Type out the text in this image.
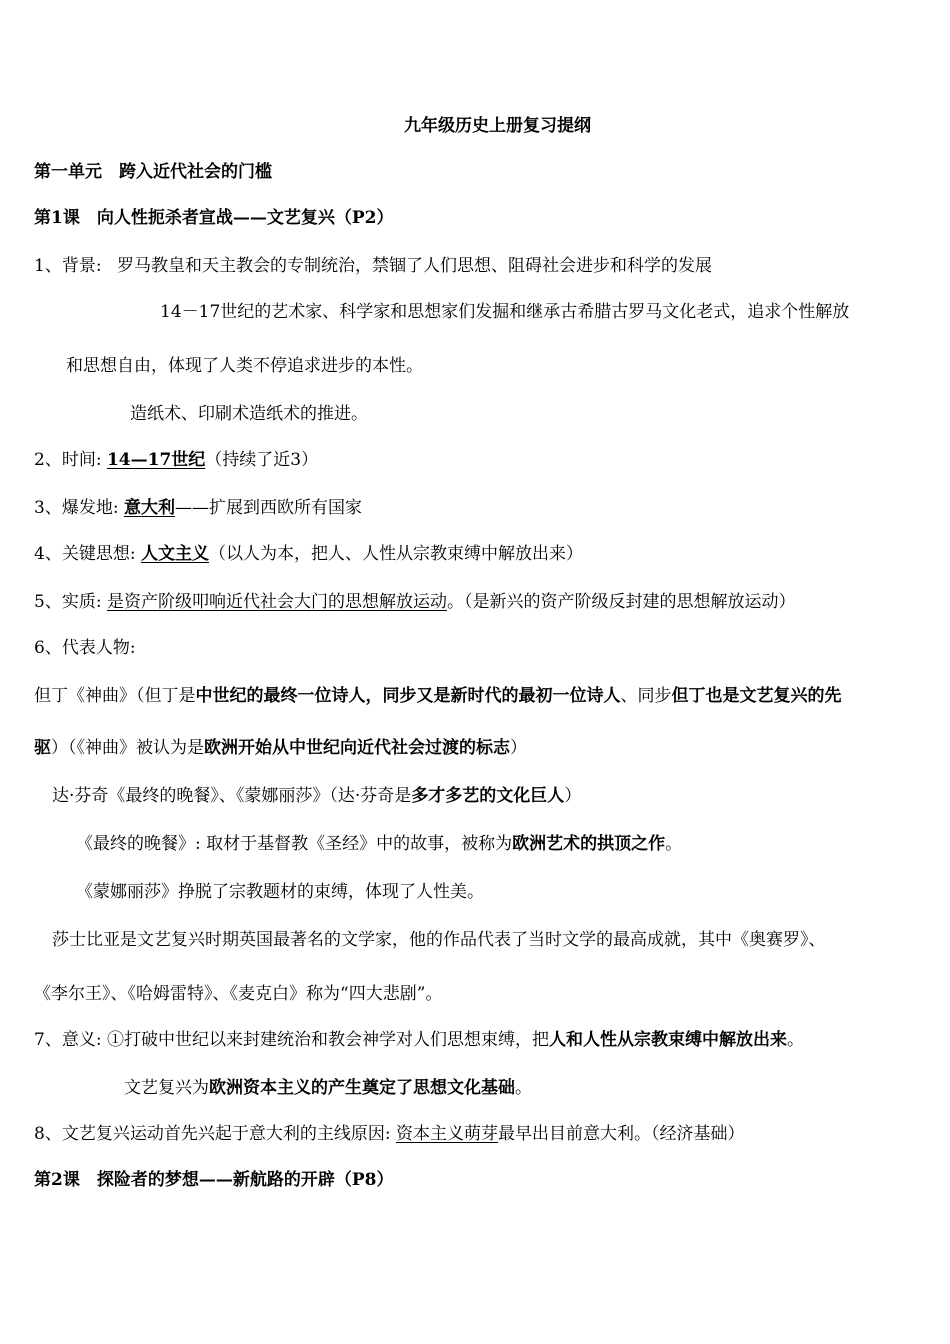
九年级历史上册复习提纲
第一单元　跨入近代社会的门槛
第1课　向人性扼杀者宣战——文艺复兴（P2）
1、背景: 罗马教皇和天主教会的专制统治，禁锢了人们思想、阻碍社会进步和科学的发展
14－17世纪的艺术家、科学家和思想家们发掘和继承古希腊古罗马文化老式，追求个性解放
和思想自由，体现了人类不停追求进步的本性。
造纸术、印刷术造纸术的推进。
2、时间: 14—17世纪（持续了近3）
3、爆发地: 意大利——扩展到西欧所有国家
4、关键思想: 人文主义（以人为本，把人、人性从宗教束缚中解放出来）
5、实质: 是资产阶级叩响近代社会大门的思想解放运动。（是新兴的资产阶级反封建的思想解放运动）
6、代表人物:
但丁《神曲》（但丁是中世纪的最终一位诗人，同步又是新时代的最初一位诗人、同步但丁也是文艺复兴的先
驱）（《神曲》被认为是欧洲开始从中世纪向近代社会过渡的标志）
达·芬奇《最终的晚餐》、《蒙娜丽莎》（达·芬奇是多才多艺的文化巨人）
《最终的晚餐》: 取材于基督教《圣经》中的故事，被称为欧洲艺术的拱顶之作。
《蒙娜丽莎》挣脱了宗教题材的束缚，体现了人性美。
莎士比亚是文艺复兴时期英国最著名的文学家，他的作品代表了当时文学的最高成就，其中《奥赛罗》、
《李尔王》、《哈姆雷特》、《麦克白》称为“四大悲剧”。
7、意义: ①打破中世纪以来封建统治和教会神学对人们思想束缚，把人和人性从宗教束缚中解放出来。
文艺复兴为欧洲资本主义的产生奠定了思想文化基础。
8、文艺复兴运动首先兴起于意大利的主线原因: 资本主义萌芽最早出目前意大利。（经济基础）
第2课　探险者的梦想——新航路的开辟（P8）
